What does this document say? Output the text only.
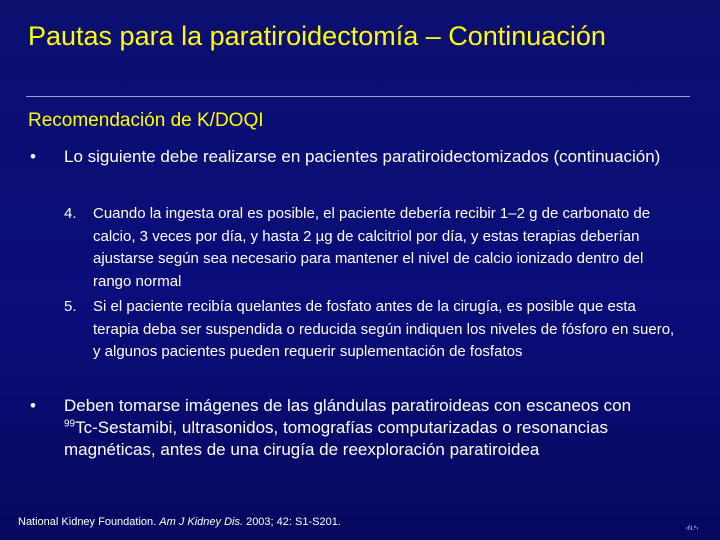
Pautas para la paratiroidectomía – Continuación
Recomendación de K/DOQI
• Lo siguiente debe realizarse en pacientes paratiroidectomizados (continuación)
4. Cuando la ingesta oral es posible, el paciente debería recibir 1–2 g de carbonato de calcio, 3 veces por día, y hasta 2 µg de calcitriol por día, y estas terapias deberían ajustarse según sea necesario para mantener el nivel de calcio ionizado dentro del rango normal
5. Si el paciente recibía quelantes de fosfato antes de la cirugía, es posible que esta terapia deba ser suspendida o reducida según indiquen los niveles de fósforo en suero, y algunos pacientes pueden requerir suplementación de fosfatos
• Deben tomarse imágenes de las glándulas paratiroideas con escaneos con $^{99}$Tc-Sestamibi, ultrasonidos, tomografías computarizadas o resonancias magnéticas, antes de una cirugía de reexploración paratiroidea
National Kidney Foundation. Am J Kidney Dis. 2003; 42: S1-S201.
‹N.º›
